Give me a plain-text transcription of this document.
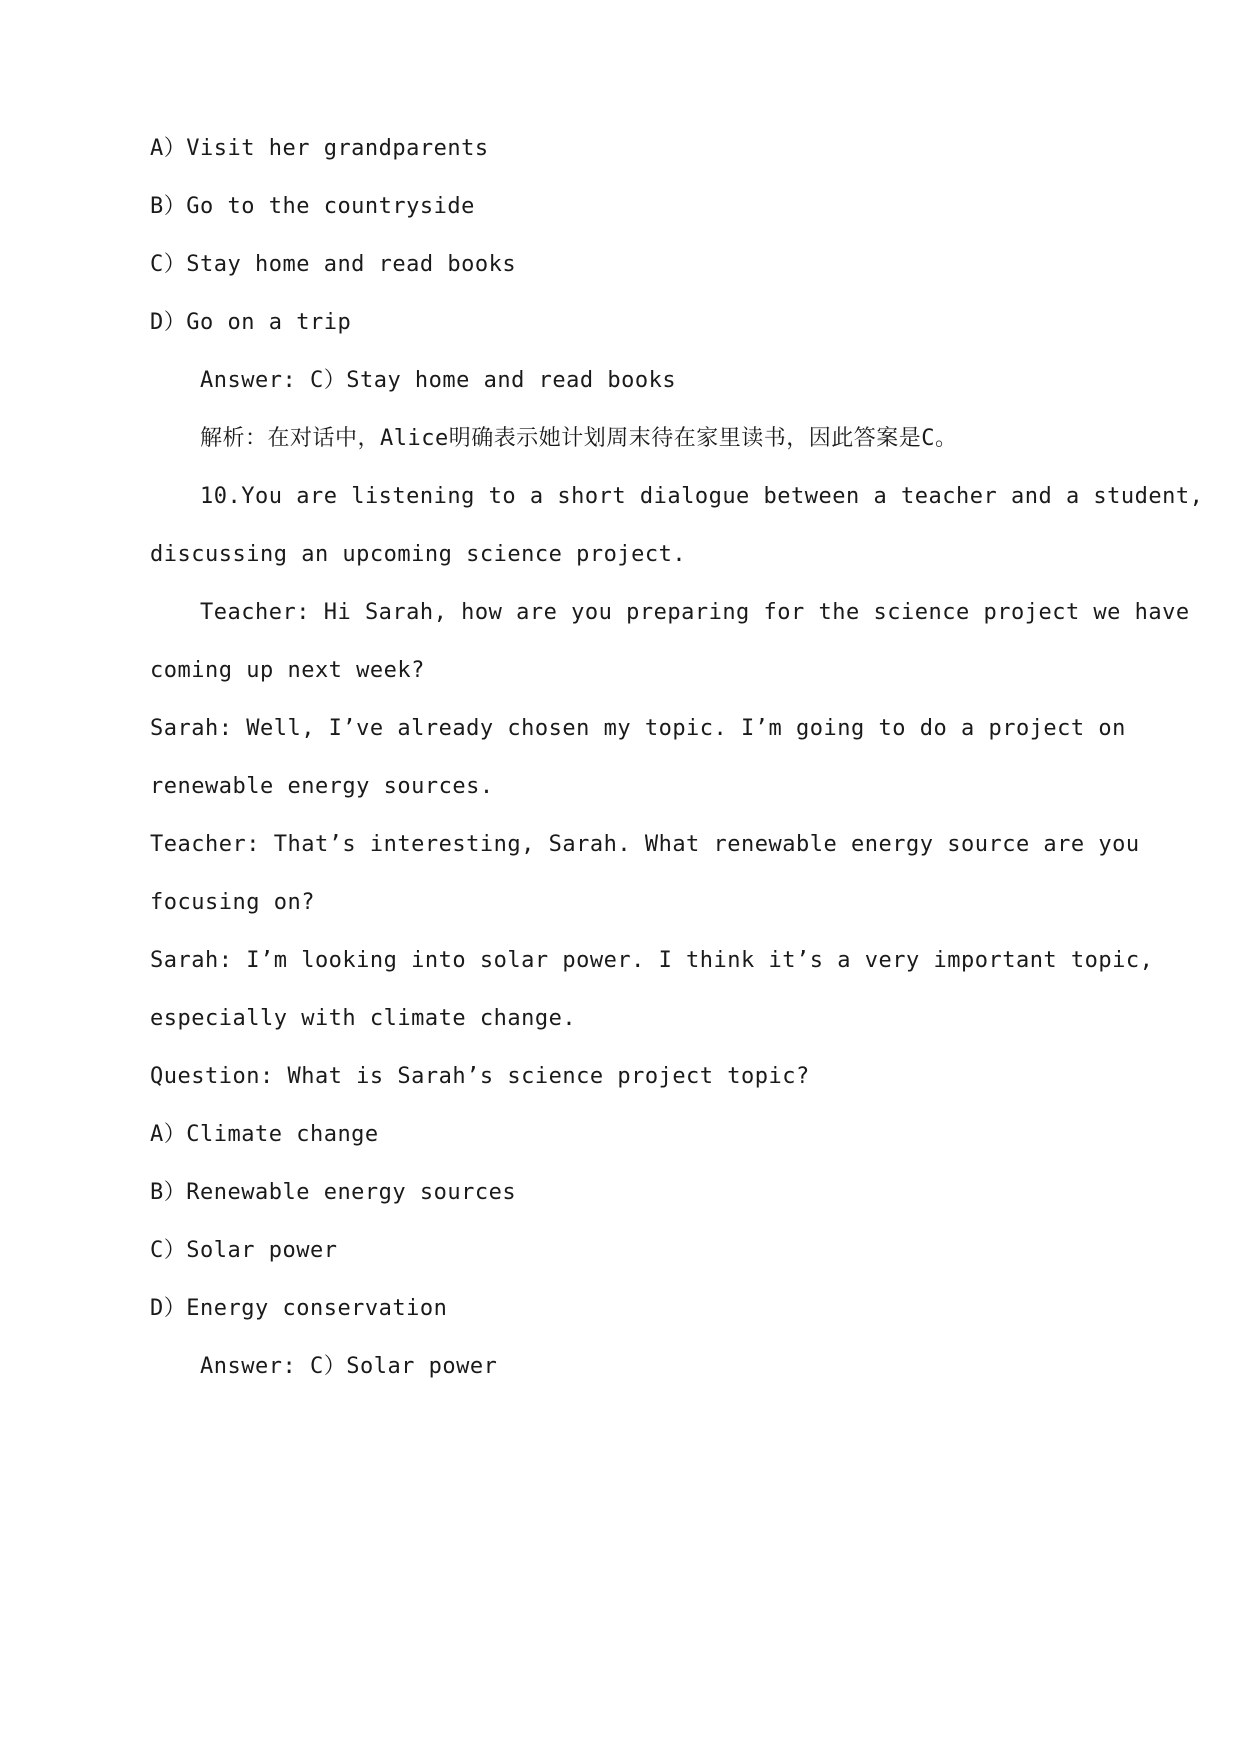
A）Visit her grandparents
B）Go to the countryside
C）Stay home and read books
D）Go on a trip
Answer: C）Stay home and read books
解析：在对话中，Alice明确表示她计划周末待在家里读书，因此答案是C。
10.You are listening to a short dialogue between a teacher and a student,
discussing an upcoming science project.
Teacher: Hi Sarah, how are you preparing for the science project we have
coming up next week?
Sarah: Well, I’ve already chosen my topic. I’m going to do a project on
renewable energy sources.
Teacher: That’s interesting, Sarah. What renewable energy source are you
focusing on?
Sarah: I’m looking into solar power. I think it’s a very important topic,
especially with climate change.
Question: What is Sarah’s science project topic?
A）Climate change
B）Renewable energy sources
C）Solar power
D）Energy conservation
Answer: C）Solar power
